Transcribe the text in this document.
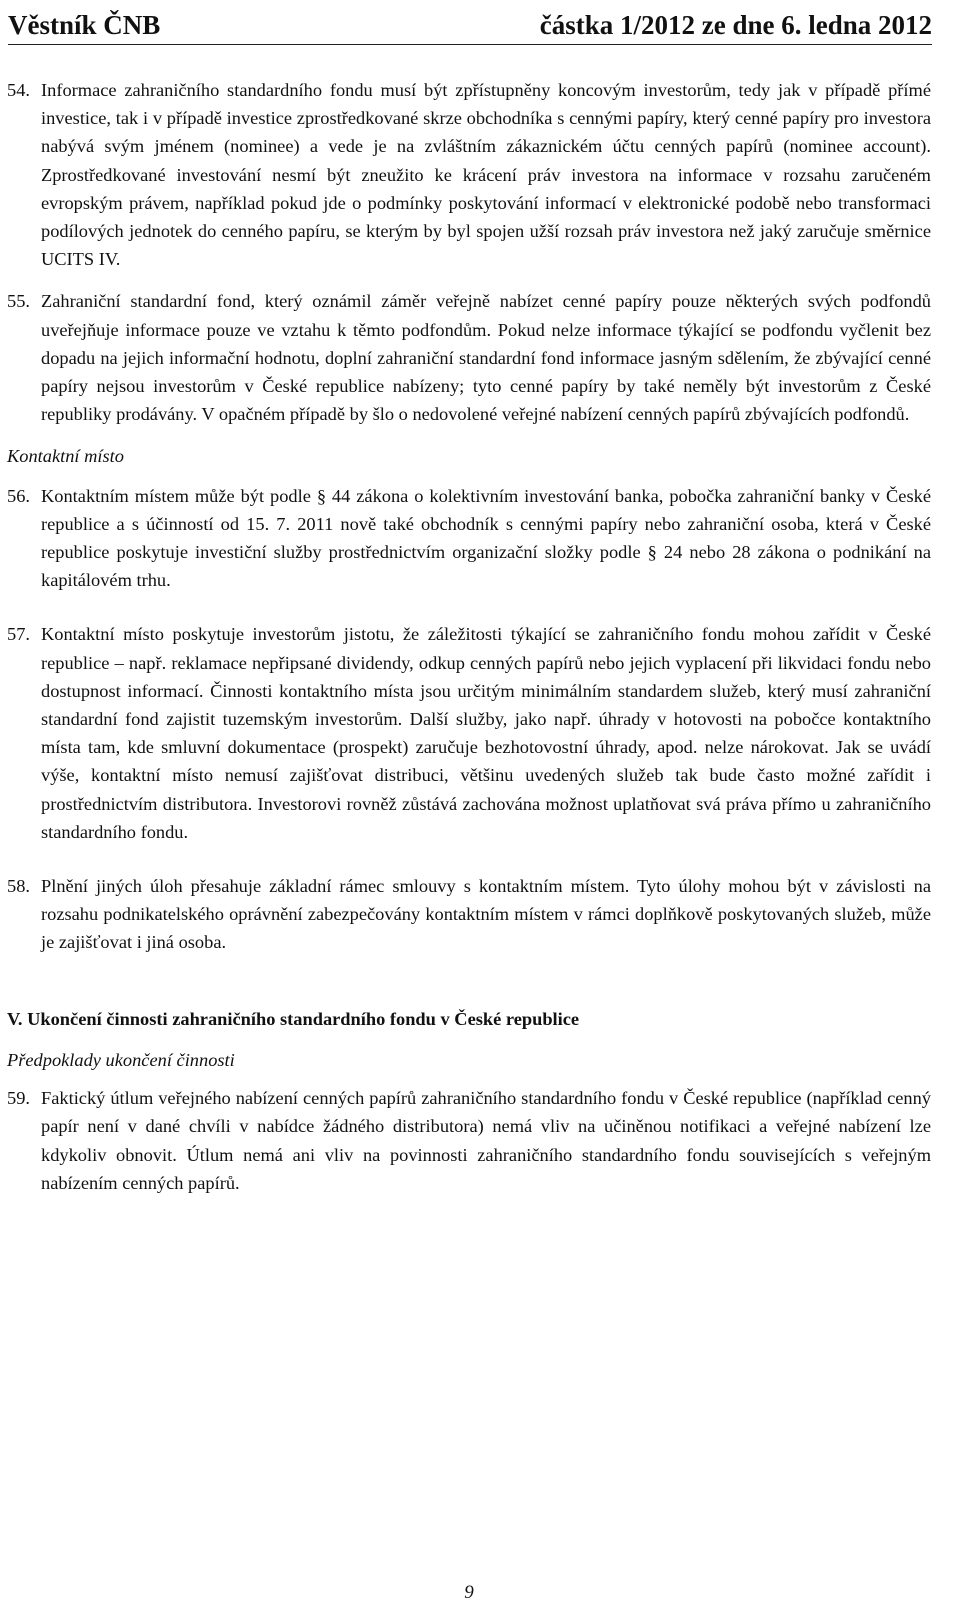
Věstník ČNB	částka 1/2012 ze dne 6. ledna 2012
54. Informace zahraničního standardního fondu musí být zpřístupněny koncovým investorům, tedy jak v případě přímé investice, tak i v případě investice zprostředkované skrze obchodníka s cennými papíry, který cenné papíry pro investora nabývá svým jménem (nominee) a vede je na zvláštním zákaznickém účtu cenných papírů (nominee account). Zprostředkované investování nesmí být zneužito ke krácení práv investora na informace v rozsahu zaručeném evropským právem, například pokud jde o podmínky poskytování informací v elektronické podobě nebo transformaci podílových jednotek do cenného papíru, se kterým by byl spojen užší rozsah práv investora než jaký zaručuje směrnice UCITS IV.
55. Zahraniční standardní fond, který oznámil záměr veřejně nabízet cenné papíry pouze některých svých podfondů uveřejňuje informace pouze ve vztahu k těmto podfondům. Pokud nelze informace týkající se podfondu vyčlenit bez dopadu na jejich informační hodnotu, doplní zahraniční standardní fond informace jasným sdělením, že zbývající cenné papíry nejsou investorům v České republice nabízeny; tyto cenné papíry by také neměly být investorům z České republiky prodávány. V opačném případě by šlo o nedovolené veřejné nabízení cenných papírů zbývajících podfondů.
Kontaktní místo
56. Kontaktním místem může být podle § 44 zákona o kolektivním investování banka, pobočka zahraniční banky v České republice a s účinností od 15. 7. 2011 nově také obchodník s cennými papíry nebo zahraniční osoba, která v České republice poskytuje investiční služby prostřednictvím organizační složky podle § 24 nebo 28 zákona o podnikání na kapitálovém trhu.
57. Kontaktní místo poskytuje investorům jistotu, že záležitosti týkající se zahraničního fondu mohou zařídit v České republice – např. reklamace nepřipsané dividendy, odkup cenných papírů nebo jejich vyplacení při likvidaci fondu nebo dostupnost informací. Činnosti kontaktního místa jsou určitým minimálním standardem služeb, který musí zahraniční standardní fond zajistit tuzemským investorům. Další služby, jako např. úhrady v hotovosti na pobočce kontaktního místa tam, kde smluvní dokumentace (prospekt) zaručuje bezhotovostní úhrady, apod. nelze nárokovat. Jak se uvádí výše, kontaktní místo nemusí zajišťovat distribuci, většinu uvedených služeb tak bude často možné zařídit i prostřednictvím distributora. Investorovi rovněž zůstává zachována možnost uplatňovat svá práva přímo u zahraničního standardního fondu.
58. Plnění jiných úloh přesahuje základní rámec smlouvy s kontaktním místem. Tyto úlohy mohou být v závislosti na rozsahu podnikatelského oprávnění zabezpečovány kontaktním místem v rámci doplňkově poskytovaných služeb, může je zajišťovat i jiná osoba.
V. Ukončení činnosti zahraničního standardního fondu v České republice
Předpoklady ukončení činnosti
59. Faktický útlum veřejného nabízení cenných papírů zahraničního standardního fondu v České republice (například cenný papír není v dané chvíli v nabídce žádného distributora) nemá vliv na učiněnou notifikaci a veřejné nabízení lze kdykoliv obnovit. Útlum nemá ani vliv na povinnosti zahraničního standardního fondu souvisejících s veřejným nabízením cenných papírů.
9
